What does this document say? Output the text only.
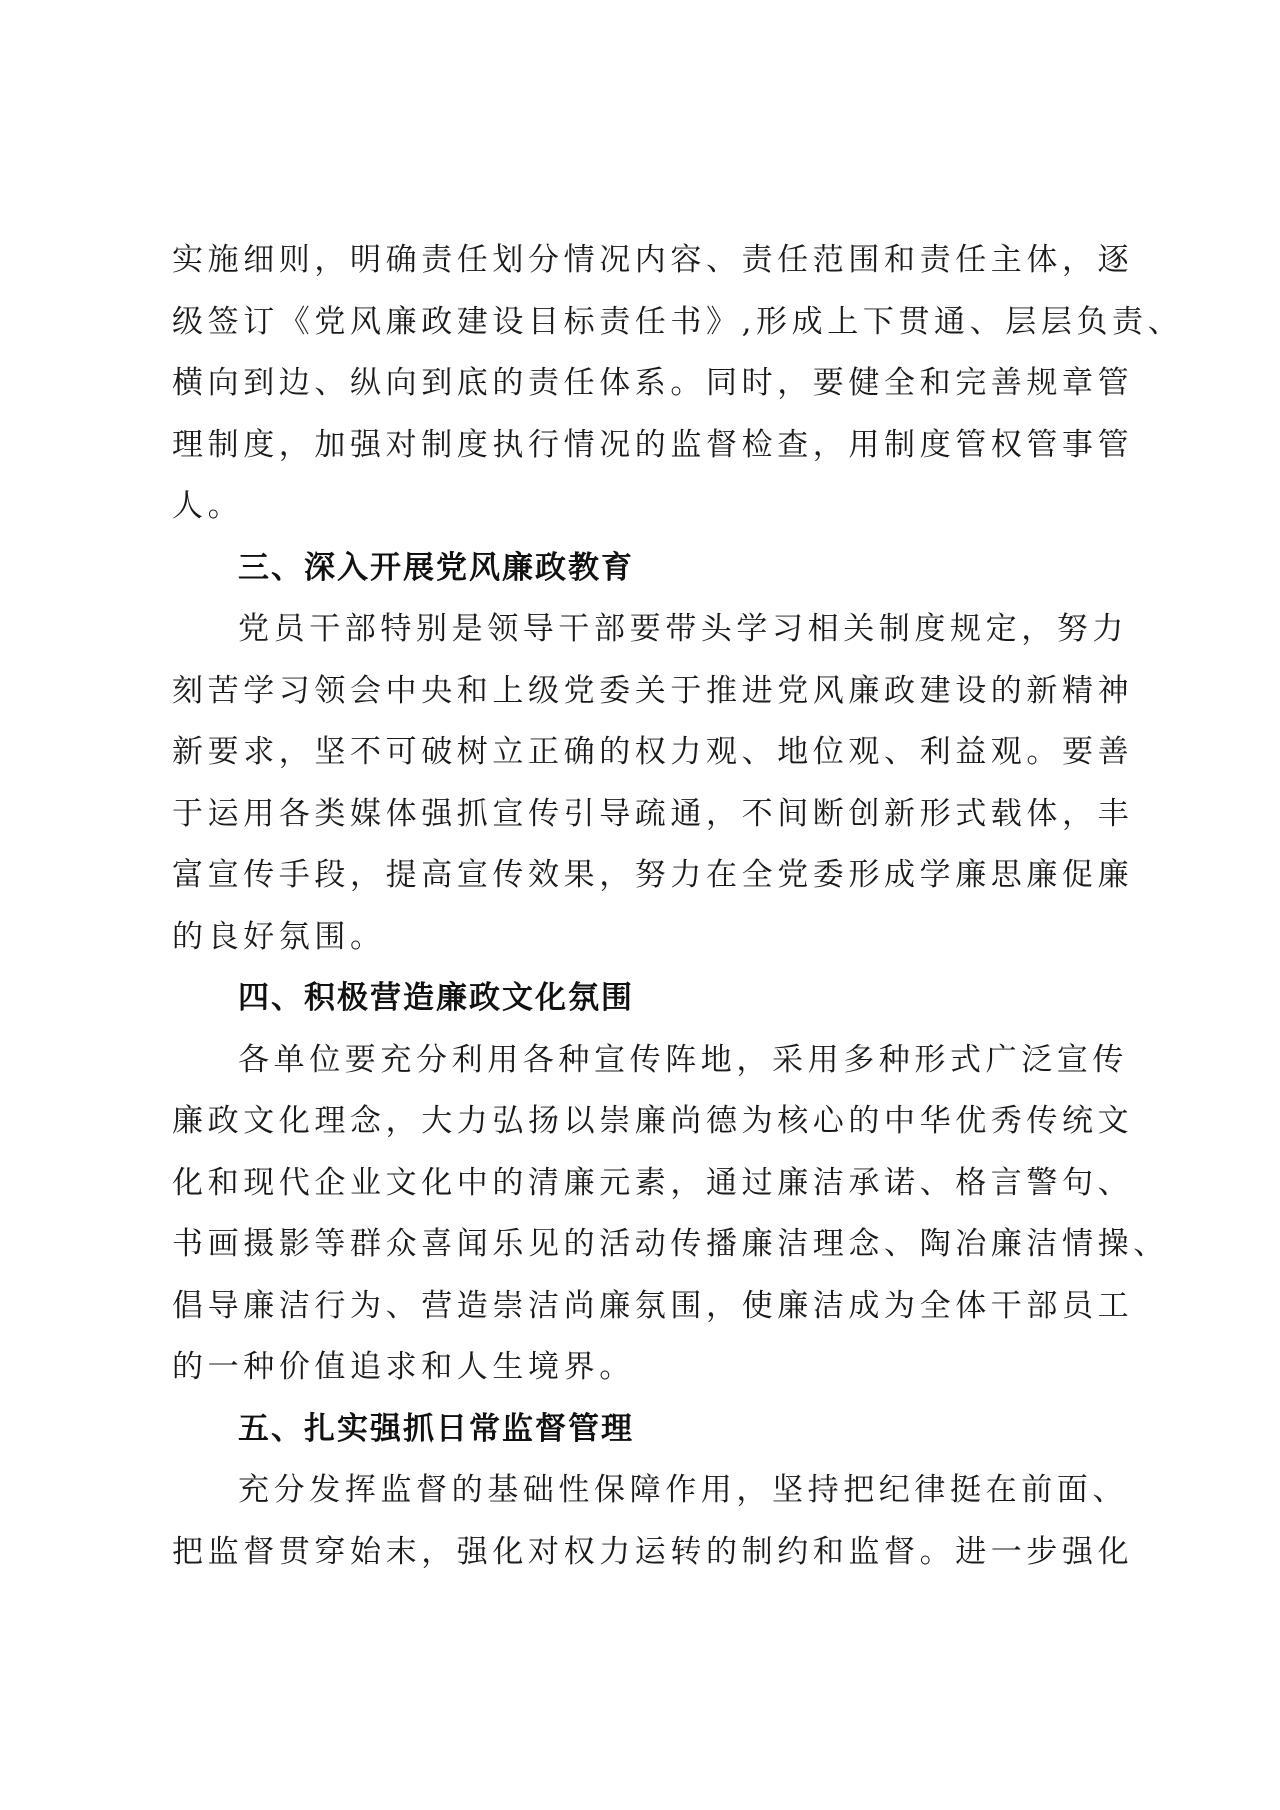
实施细则，明确责任划分情况内容、责任范围和责任主体，逐
级签订《党风廉政建设目标责任书》,形成上下贯通、层层负责、
横向到边、纵向到底的责任体系。同时，要健全和完善规章管
理制度，加强对制度执行情况的监督检查，用制度管权管事管
人。
三、深入开展党风廉政教育
党员干部特别是领导干部要带头学习相关制度规定，努力
刻苦学习领会中央和上级党委关于推进党风廉政建设的新精神
新要求，坚不可破树立正确的权力观、地位观、利益观。要善
于运用各类媒体强抓宣传引导疏通，不间断创新形式载体，丰
富宣传手段，提高宣传效果，努力在全党委形成学廉思廉促廉
的良好氛围。
四、积极营造廉政文化氛围
各单位要充分利用各种宣传阵地，采用多种形式广泛宣传
廉政文化理念，大力弘扬以崇廉尚德为核心的中华优秀传统文
化和现代企业文化中的清廉元素，通过廉洁承诺、格言警句、
书画摄影等群众喜闻乐见的活动传播廉洁理念、陶冶廉洁情操、
倡导廉洁行为、营造崇洁尚廉氛围，使廉洁成为全体干部员工
的一种价值追求和人生境界。
五、扎实强抓日常监督管理
充分发挥监督的基础性保障作用，坚持把纪律挺在前面、
把监督贯穿始末，强化对权力运转的制约和监督。进一步强化
